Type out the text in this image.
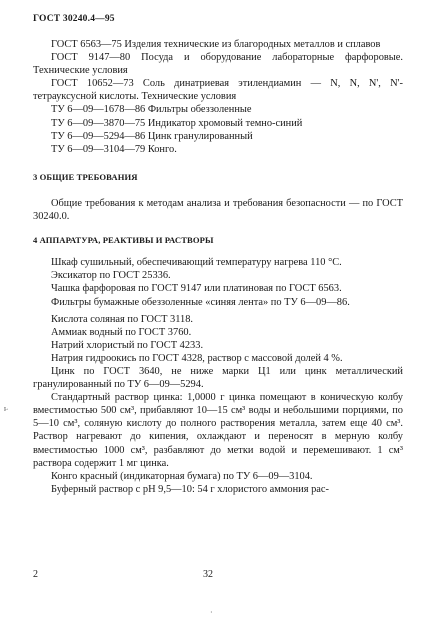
ГОСТ 30240.4—95

ГОСТ 6563—75 Изделия технические из благородных металлов и сплавов

ГОСТ 9147—80 Посуда и оборудование лабораторные фарфоровые. Технические условия

ГОСТ 10652—73 Соль динатриевая этилендиамин — N, N, N', N'-тетрауксусной кислоты. Технические условия

ТУ 6—09—1678—86 Фильтры обеззоленные

ТУ 6—09—3870—75 Индикатор хромовый темно-синий

ТУ 6—09—5294—86 Цинк гранулированный

ТУ 6—09—3104—79 Конго.

3 ОБЩИЕ ТРЕБОВАНИЯ

Общие требования к методам анализа и требования безопасности — по ГОСТ 30240.0.

4 АППАРАТУРА, РЕАКТИВЫ И РАСТВОРЫ

Шкаф сушильный, обеспечивающий температуру нагрева 110 °С.

Эксикатор по ГОСТ 25336.

Чашка фарфоровая по ГОСТ 9147 или платиновая по ГОСТ 6563.

Фильтры бумажные обеззоленные «синяя лента» по ТУ 6—09—86.

Кислота соляная по ГОСТ 3118.

Аммиак водный по ГОСТ 3760.

Натрий хлористый по ГОСТ 4233.

Натрия гидроокись по ГОСТ 4328, раствор с массовой долей 4 %.

Цинк по ГОСТ 3640, не ниже марки Ц1 или цинк металлический гранулированный по ТУ 6—09—5294.

Стандартный раствор цинка: 1,0000 г цинка помещают в коническую колбу вместимостью 500 см³, прибавляют 10—15 см³ воды и небольшими порциями, по 5—10 см³, соляную кислоту до полного растворения металла, затем еще 40 см³. Раствор нагревают до кипения, охлаждают и переносят в мерную колбу вместимостью 1000 см³, разбавляют до метки водой и перемешивают. 1 см³ раствора содержит 1 мг цинка.

Конго красный (индикаторная бумага) по ТУ 6—09—3104.

Буферный раствор с pH 9,5—10: 54 г хлористого аммония рас-

ⱶ
2	32
·
